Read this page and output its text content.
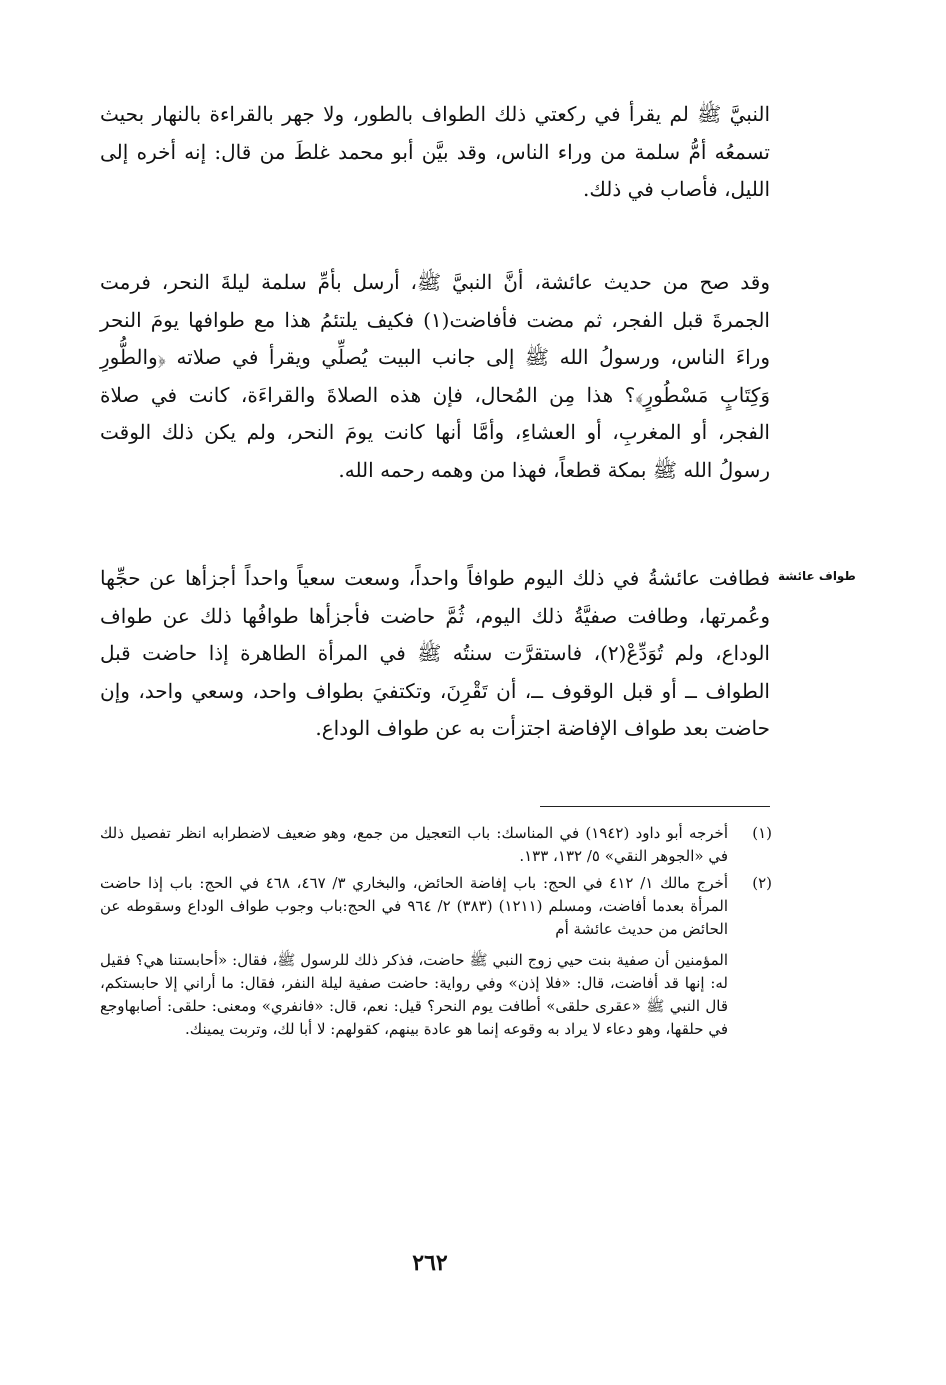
النبيَّ ﷺ لم يقرأ في ركعتي ذلك الطواف بالطور، ولا جهر بالقراءة بالنهار بحيث تسمعُه أمُّ سلمة من وراء الناس، وقد بيَّن أبو محمد غلطَ من قال: إنه أخره إلى الليل، فأصاب في ذلك.

وقد صح من حديث عائشة، أنَّ النبيَّ ﷺ، أرسل بأمِّ سلمة ليلةَ النحر، فرمت الجمرةَ قبل الفجر، ثم مضت فأفاضت(١) فكيف يلتئمُ هذا مع طوافها يومَ النحر وراءَ الناس، ورسولُ الله ﷺ إلى جانب البيت يُصلِّي ويقرأ في صلاته ﴿والطُّورِ وَكِتَابٍ مَسْطُورٍ﴾؟ هذا مِن المُحال، فإن هذه الصلاةَ والقراءَة، كانت في صلاة الفجر، أو المغربِ، أو العشاءِ، وأمَّا أنها كانت يومَ النحر، ولم يكن ذلك الوقت رسولُ الله ﷺ بمكة قطعاً، فهذا من وهمه رحمه الله.

طواف عائشة

فطافت عائشةُ في ذلك اليوم طوافاً واحداً، وسعت سعياً واحداً أجزأها عن حجِّها وعُمرتها، وطافت صفيَّةُ ذلك اليوم، ثُمَّ حاضت فأجزأها طوافُها ذلك عن طواف الوداع، ولم تُوَدِّعْ(٢)، فاستقرَّت سنتُه ﷺ في المرأة الطاهرة إذا حاضت قبل الطواف ــ أو قبل الوقوف ــ، أن تَقْرِنَ، وتكتفيَ بطواف واحد، وسعي واحد، وإن حاضت بعد طواف الإفاضة اجتزأت به عن طواف الوداع.

(١)
أخرجه أبو داود (١٩٤٢) في المناسك: باب التعجيل من جمع، وهو ضعيف لاضطرابه انظر تفصيل ذلك في «الجوهر النقي» ٥/ ١٣٢، ١٣٣.
(٢)
أخرج مالك ١/ ٤١٢ في الحج: باب إفاضة الحائض، والبخاري ٣/ ٤٦٧، ٤٦٨ في الحج: باب إذا حاضت المرأة بعدما أفاضت، ومسلم (١٢١١) (٣٨٣) ٢/ ٩٦٤ في الحج:باب وجوب طواف الوداع وسقوطه عن الحائض من حديث عائشة أم
المؤمنين أن صفية بنت حيي زوج النبي ﷺ حاضت، فذكر ذلك للرسول ﷺ، فقال: «أحابستنا هي؟ فقيل له: إنها قد أفاضت، قال: «فلا إذن» وفي رواية: حاضت صفية ليلة النفر، فقال: ما أراني إلا حابستكم، قال النبي ﷺ «عقرى حلقى» أطافت يوم النحر؟ قيل: نعم، قال: «فانفري» ومعنى: حلقى: أصابهاوجع في حلقها، وهو دعاء لا يراد به وقوعه إنما هو عادة بينهم، كقولهم: لا أبا لك، وتربت يمينك.
٢٦٢
